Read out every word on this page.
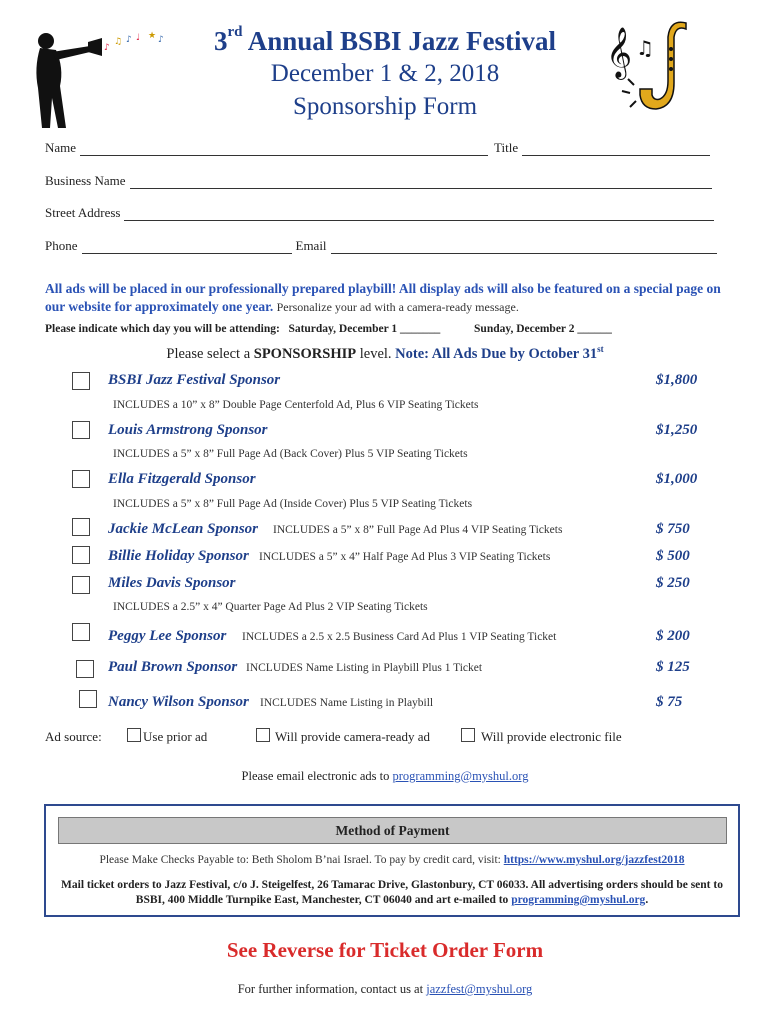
♪
♫ ♪ ♩ ★ ♪	𝄞 ♫
3rd Annual BSBI Jazz Festival
December 1 & 2, 2018
Sponsorship Form
Name	Title
Business Name
Street Address
Phone	Email
All ads will be placed in our professionally prepared playbill! All display ads will also be featured on a special page on our website for approximately one year. Personalize your ad with a camera-ready message.
Please indicate which day you will be attending: Saturday, December 1 _______	Sunday, December 2 ______
Please select a SPONSORSHIP level. Note: All Ads Due by October 31st
BSBI Jazz Festival Sponsor	$1,800
INCLUDES a 10” x 8” Double Page Centerfold Ad, Plus 6 VIP Seating Tickets
Louis Armstrong Sponsor	$1,250
INCLUDES a 5” x 8” Full Page Ad (Back Cover) Plus 5 VIP Seating Tickets
Ella Fitzgerald Sponsor	$1,000
INCLUDES a 5” x 8” Full Page Ad (Inside Cover) Plus 5 VIP Seating Tickets
Jackie McLean Sponsor INCLUDES a 5” x 8” Full Page Ad Plus 4 VIP Seating Tickets	$ 750
Billie Holiday Sponsor INCLUDES a 5” x 4” Half Page Ad Plus 3 VIP Seating Tickets	$ 500
Miles Davis Sponsor	$ 250
INCLUDES a 2.5” x 4” Quarter Page Ad Plus 2 VIP Seating Tickets
Peggy Lee Sponsor INCLUDES a 2.5 x 2.5 Business Card Ad Plus 1 VIP Seating Ticket	$ 200
Paul Brown Sponsor INCLUDES Name Listing in Playbill Plus 1 Ticket	$ 125
Nancy Wilson Sponsor INCLUDES Name Listing in Playbill	$ 75
Ad source:	Use prior ad	Will provide camera-ready ad	Will provide electronic file
Please email electronic ads to programming@myshul.org
Method of Payment
Please Make Checks Payable to: Beth Sholom B’nai Israel. To pay by credit card, visit: https://www.myshul.org/jazzfest2018
Mail ticket orders to Jazz Festival, c/o J. Steigelfest, 26 Tamarac Drive, Glastonbury, CT 06033. All advertising orders should be sent to BSBI, 400 Middle Turnpike East, Manchester, CT 06040 and art e-mailed to programming@myshul.org.
See Reverse for Ticket Order Form
For further information, contact us at jazzfest@myshul.org
